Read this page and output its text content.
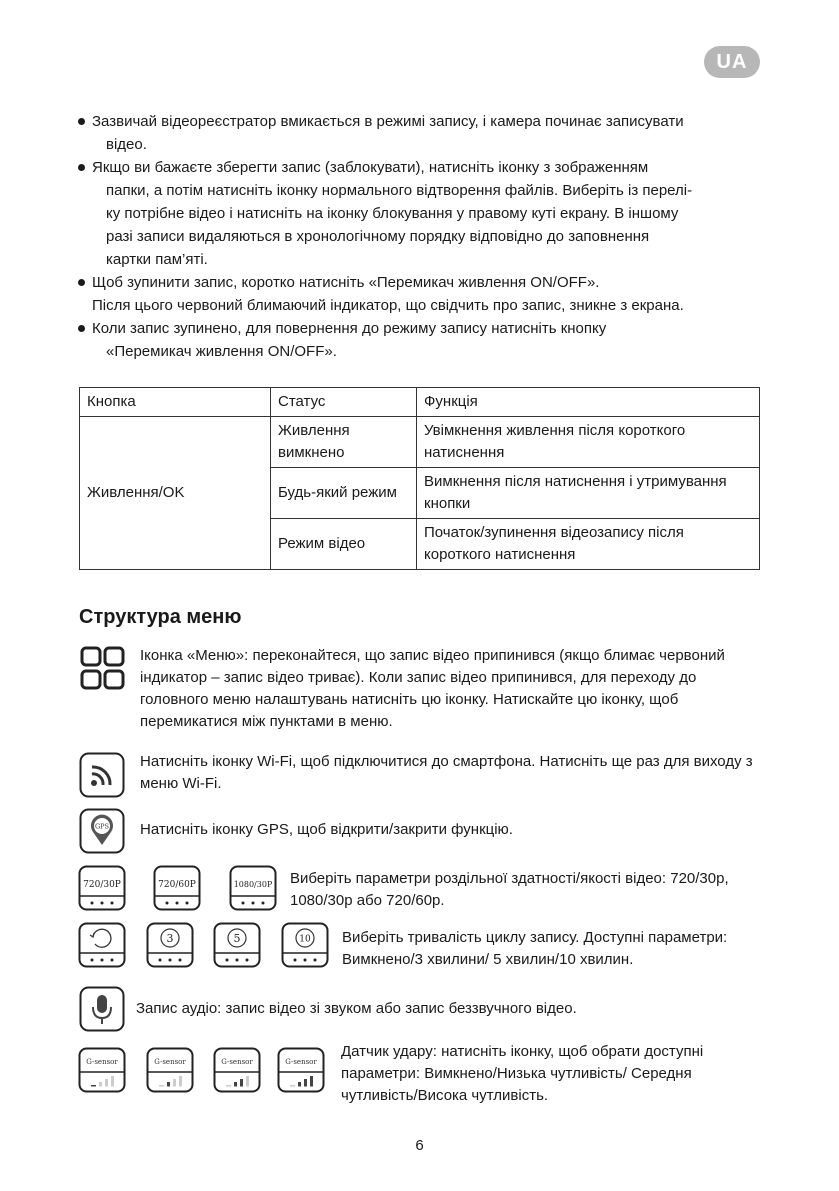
UA
Зазвичай відеореєстратор вмикається в режимі запису, і камера починає записувати
відео.
Якщо ви бажаєте зберегти запис (заблокувати), натисніть іконку з зображенням
папки, а потім натисніть іконку нормального відтворення файлів. Виберіть із перелі-
ку потрібне відео і натисніть на іконку блокування у правому куті екрану. В іншому
разі записи видаляються в хронологічному порядку відповідно до заповнення
картки пам’яті.
Щоб зупинити запис, коротко натисніть «Перемикач живлення ON/OFF».
Після цього червоний блимаючий індикатор, що свідчить про запис, зникне з екрана.
Коли запис зупинено, для повернення до режиму запису натисніть кнопку
«Перемикач живлення ON/OFF».
Кнопка	Статус	Функція
Живлення/OK	Живлення вимкнено	Увімкнення живлення після короткого натиснення
	Будь-який режим	Вимкнення після натиснення і утримування кнопки
	Режим відео	Початок/зупинення відеозапису після короткого натиснення
Структура меню
Іконка «Меню»: переконайтеся, що запис відео припинився (якщо блимає червоний індикатор – запис відео триває). Коли запис відео припинився, для переходу до головного меню налаштувань натисніть цю іконку. Натискайте цю іконку, щоб перемикатися між пунктами в меню.
Натисніть іконку Wi-Fi, щоб підключитися до смартфона. Натисніть ще раз для виходу з меню Wi-Fi.
GPS Натисніть іконку GPS, щоб відкрити/закрити функцію.
720/30P	720/60P	1080/30P Виберіть параметри роздільної здатності/якості відео: 720/30p, 1080/30p або 720/60p.
3	5	10 Виберіть тривалість циклу запису. Доступні параметри: Вимкнено/3 хвилини/ 5 хвилин/10 хвилин.
Запис аудіо: запис відео зі звуком або запис беззвучного відео.
G-sensor	G-sensor	G-sensor	G-sensor
Датчик удару: натисніть іконку, щоб обрати доступні параметри: Вимкнено/Низька чутливість/ Середня чутливість/Висока чутливість.
6
